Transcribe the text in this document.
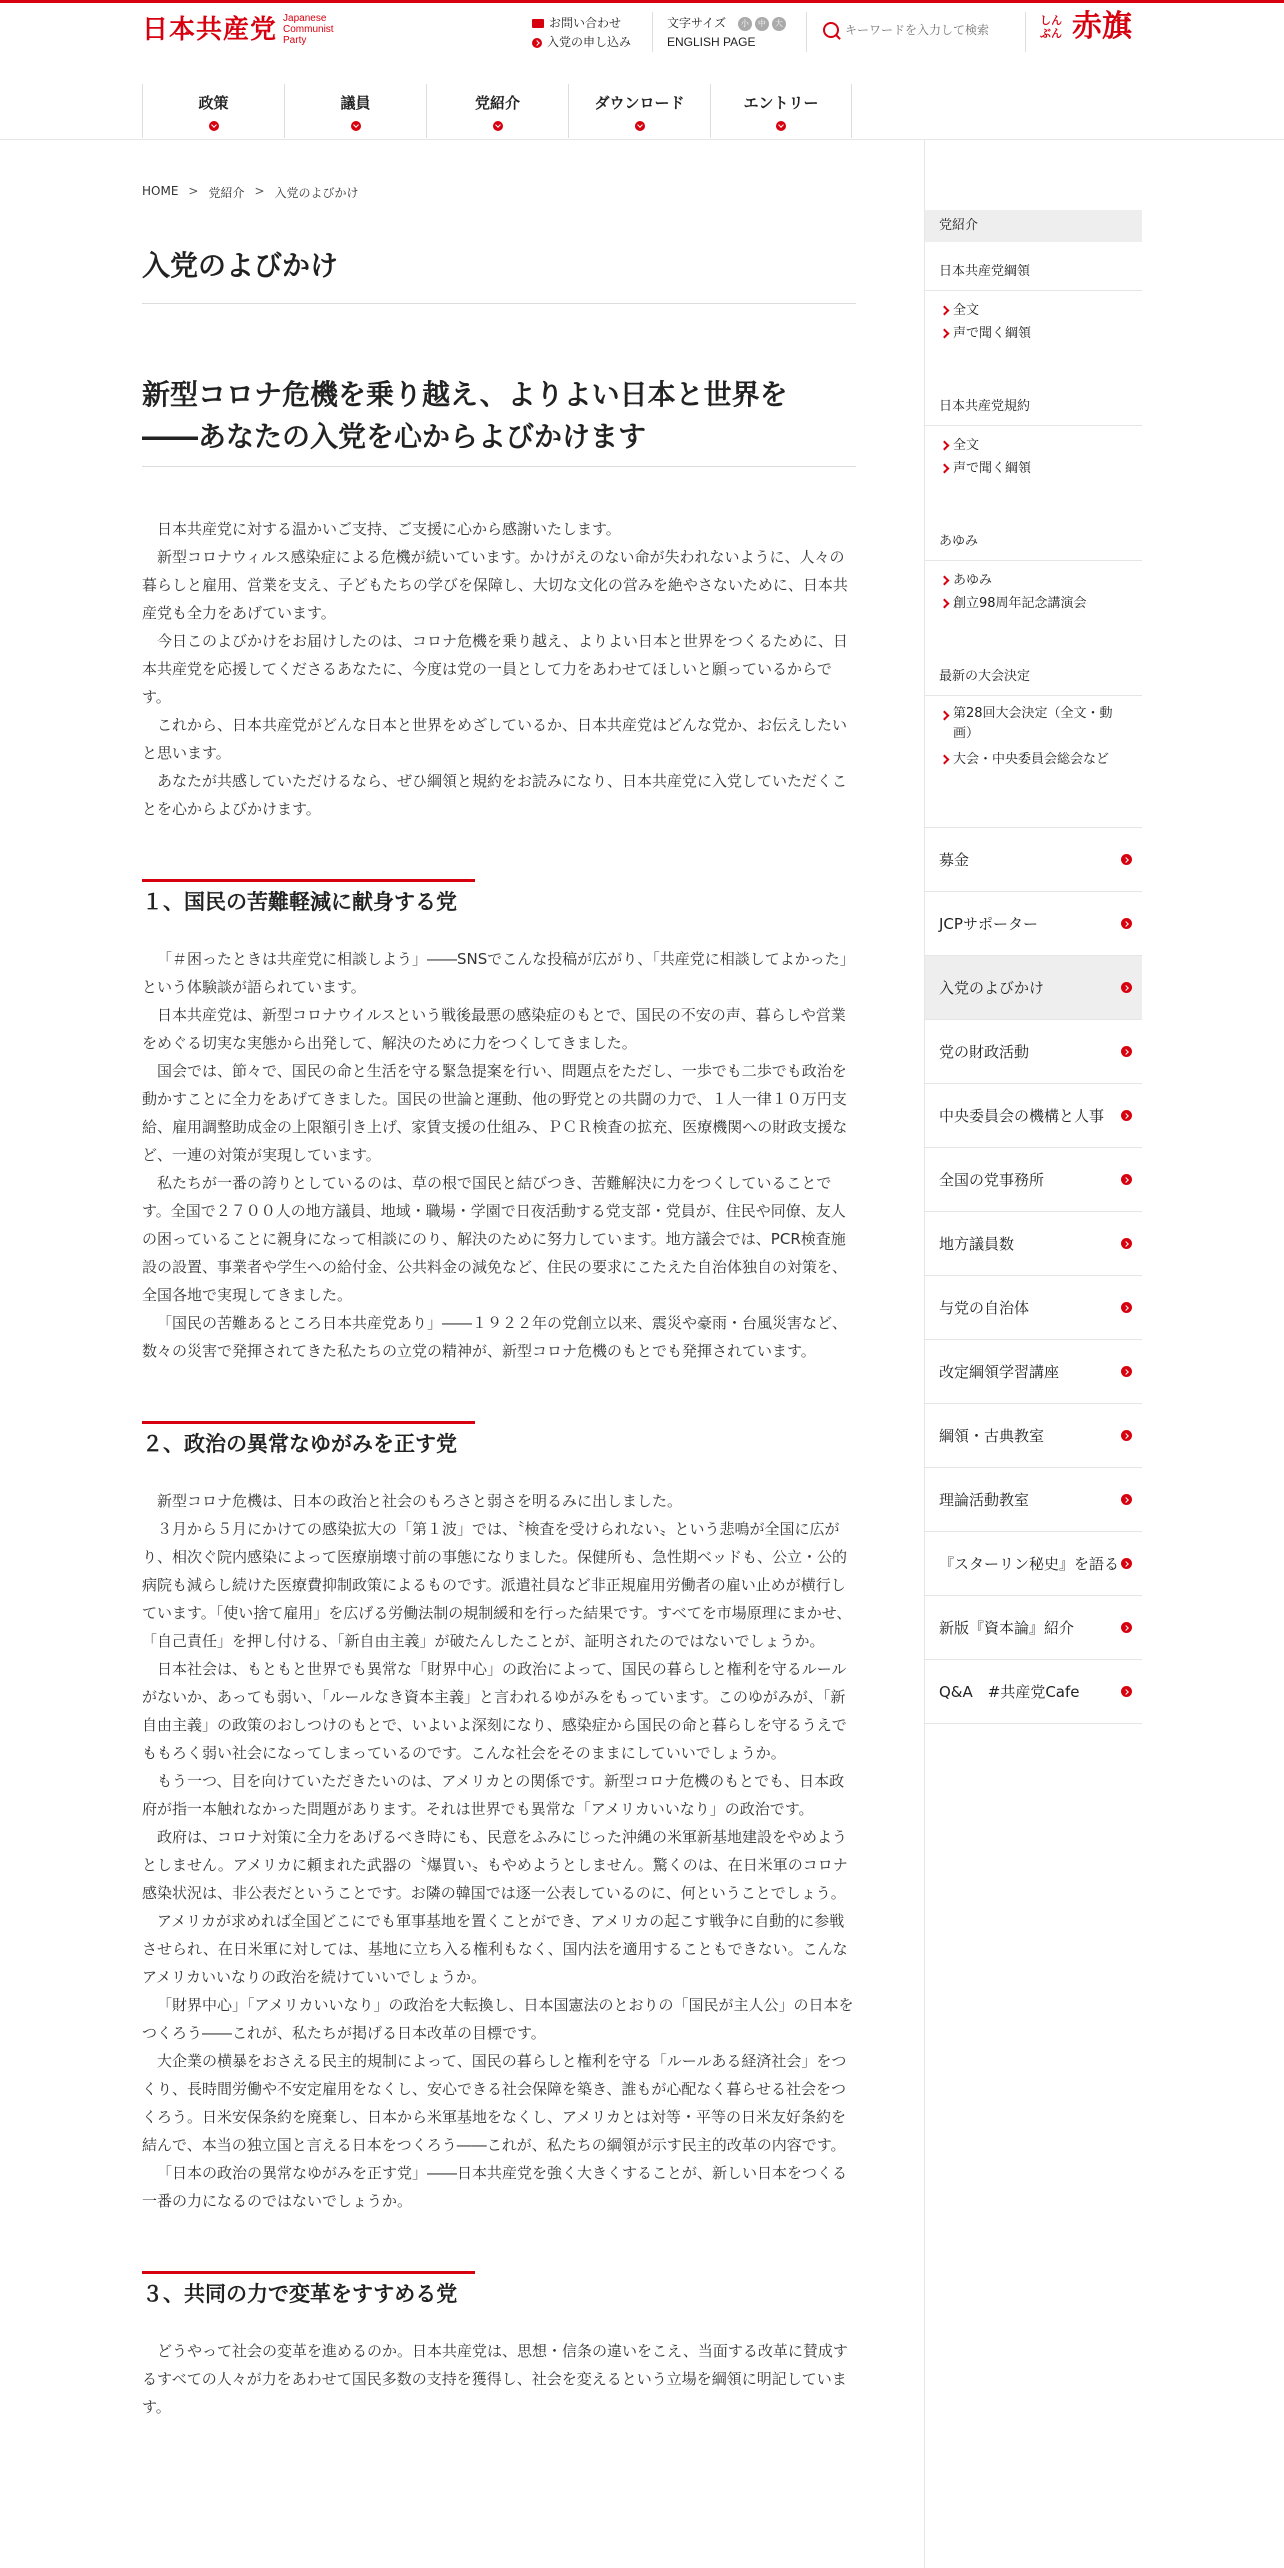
日本共産党 Japanese
Communist
Party
お問い合わせ
入党の申し込み
文字サイズ	小	中	大
ENGLISH PAGE
キーワードを入力して検索
しんぶん 赤旗
政策	議員	党紹介	ダウンロード	エントリー
HOME > 党紹介 > 入党のよびかけ
入党のよびかけ
新型コロナ危機を乗り越え、よりよい日本と世界を
――あなたの入党を心からよびかけます

日本共産党に対する温かいご支持、ご支援に心から感謝いたします。

新型コロナウィルス感染症による危機が続いています。かけがえのない命が失われないように、人々の暮らしと雇用、営業を支え、子どもたちの学びを保障し、大切な文化の営みを絶やさないために、日本共産党も全力をあげています。

今日このよびかけをお届けしたのは、コロナ危機を乗り越え、よりよい日本と世界をつくるために、日本共産党を応援してくださるあなたに、今度は党の一員として力をあわせてほしいと願っているからです。

これから、日本共産党がどんな日本と世界をめざしているか、日本共産党はどんな党か、お伝えしたいと思います。

あなたが共感していただけるなら、ぜひ綱領と規約をお読みになり、日本共産党に入党していただくことを心からよびかけます。

１、国民の苦難軽減に献身する党

「＃困ったときは共産党に相談しよう」――SNSでこんな投稿が広がり、「共産党に相談してよかった」という体験談が語られています。

日本共産党は、新型コロナウイルスという戦後最悪の感染症のもとで、国民の不安の声、暮らしや営業をめぐる切実な実態から出発して、解決のために力をつくしてきました。

国会では、節々で、国民の命と生活を守る緊急提案を行い、問題点をただし、一歩でも二歩でも政治を動かすことに全力をあげてきました。国民の世論と運動、他の野党との共闘の力で、１人一律１０万円支給、雇用調整助成金の上限額引き上げ、家賃支援の仕組み、ＰＣＲ検査の拡充、医療機関への財政支援など、一連の対策が実現しています。

私たちが一番の誇りとしているのは、草の根で国民と結びつき、苦難解決に力をつくしていることです。全国で２７００人の地方議員、地域・職場・学園で日夜活動する党支部・党員が、住民や同僚、友人の困っていることに親身になって相談にのり、解決のために努力しています。地方議会では、PCR検査施設の設置、事業者や学生への給付金、公共料金の減免など、住民の要求にこたえた自治体独自の対策を、全国各地で実現してきました。

「国民の苦難あるところ日本共産党あり」――１９２２年の党創立以来、震災や豪雨・台風災害など、数々の災害で発揮されてきた私たちの立党の精神が、新型コロナ危機のもとでも発揮されています。

２、政治の異常なゆがみを正す党

新型コロナ危機は、日本の政治と社会のもろさと弱さを明るみに出しました。

３月から５月にかけての感染拡大の「第１波」では、〝検査を受けられない〟という悲鳴が全国に広がり、相次ぐ院内感染によって医療崩壊寸前の事態になりました。保健所も、急性期ベッドも、公立・公的病院も減らし続けた医療費抑制政策によるものです。派遣社員など非正規雇用労働者の雇い止めが横行しています。「使い捨て雇用」を広げる労働法制の規制緩和を行った結果です。すべてを市場原理にまかせ、「自己責任」を押し付ける、「新自由主義」が破たんしたことが、証明されたのではないでしょうか。

日本社会は、もともと世界でも異常な「財界中心」の政治によって、国民の暮らしと権利を守るルールがないか、あっても弱い、「ルールなき資本主義」と言われるゆがみをもっています。このゆがみが、「新自由主義」の政策のおしつけのもとで、いよいよ深刻になり、感染症から国民の命と暮らしを守るうえでももろく弱い社会になってしまっているのです。こんな社会をそのままにしていいでしょうか。

もう一つ、目を向けていただきたいのは、アメリカとの関係です。新型コロナ危機のもとでも、日本政府が指一本触れなかった問題があります。それは世界でも異常な「アメリカいいなり」の政治です。

政府は、コロナ対策に全力をあげるべき時にも、民意をふみにじった沖縄の米軍新基地建設をやめようとしません。アメリカに頼まれた武器の〝爆買い〟もやめようとしません。驚くのは、在日米軍のコロナ感染状況は、非公表だということです。お隣の韓国では逐一公表しているのに、何ということでしょう。

アメリカが求めれば全国どこにでも軍事基地を置くことができ、アメリカの起こす戦争に自動的に参戦させられ、在日米軍に対しては、基地に立ち入る権利もなく、国内法を適用することもできない。こんなアメリカいいなりの政治を続けていいでしょうか。

「財界中心」「アメリカいいなり」の政治を大転換し、日本国憲法のとおりの「国民が主人公」の日本をつくろう――これが、私たちが掲げる日本改革の目標です。

大企業の横暴をおさえる民主的規制によって、国民の暮らしと権利を守る「ルールある経済社会」をつくり、長時間労働や不安定雇用をなくし、安心できる社会保障を築き、誰もが心配なく暮らせる社会をつくろう。日米安保条約を廃棄し、日本から米軍基地をなくし、アメリカとは対等・平等の日米友好条約を結んで、本当の独立国と言える日本をつくろう――これが、私たちの綱領が示す民主的改革の内容です。

「日本の政治の異常なゆがみを正す党」――日本共産党を強く大きくすることが、新しい日本をつくる一番の力になるのではないでしょうか。

３、共同の力で変革をすすめる党

どうやって社会の変革を進めるのか。日本共産党は、思想・信条の違いをこえ、当面する改革に賛成するすべての人々が力をあわせて国民多数の支持を獲得し、社会を変えるという立場を綱領に明記しています。

党紹介
日本共産党綱領
全文
声で聞く綱領
日本共産党規約
全文
声で聞く綱領
あゆみ
あゆみ
創立98周年記念講演会
最新の大会決定
第28回大会決定（全文・動画）
大会・中央委員会総会など
募金
JCPサポーター
入党のよびかけ
党の財政活動
中央委員会の機構と人事
全国の党事務所
地方議員数
与党の自治体
改定綱領学習講座
綱領・古典教室
理論活動教室
『スターリン秘史』を語る
新版『資本論』紹介
Q&A　#共産党Cafe
